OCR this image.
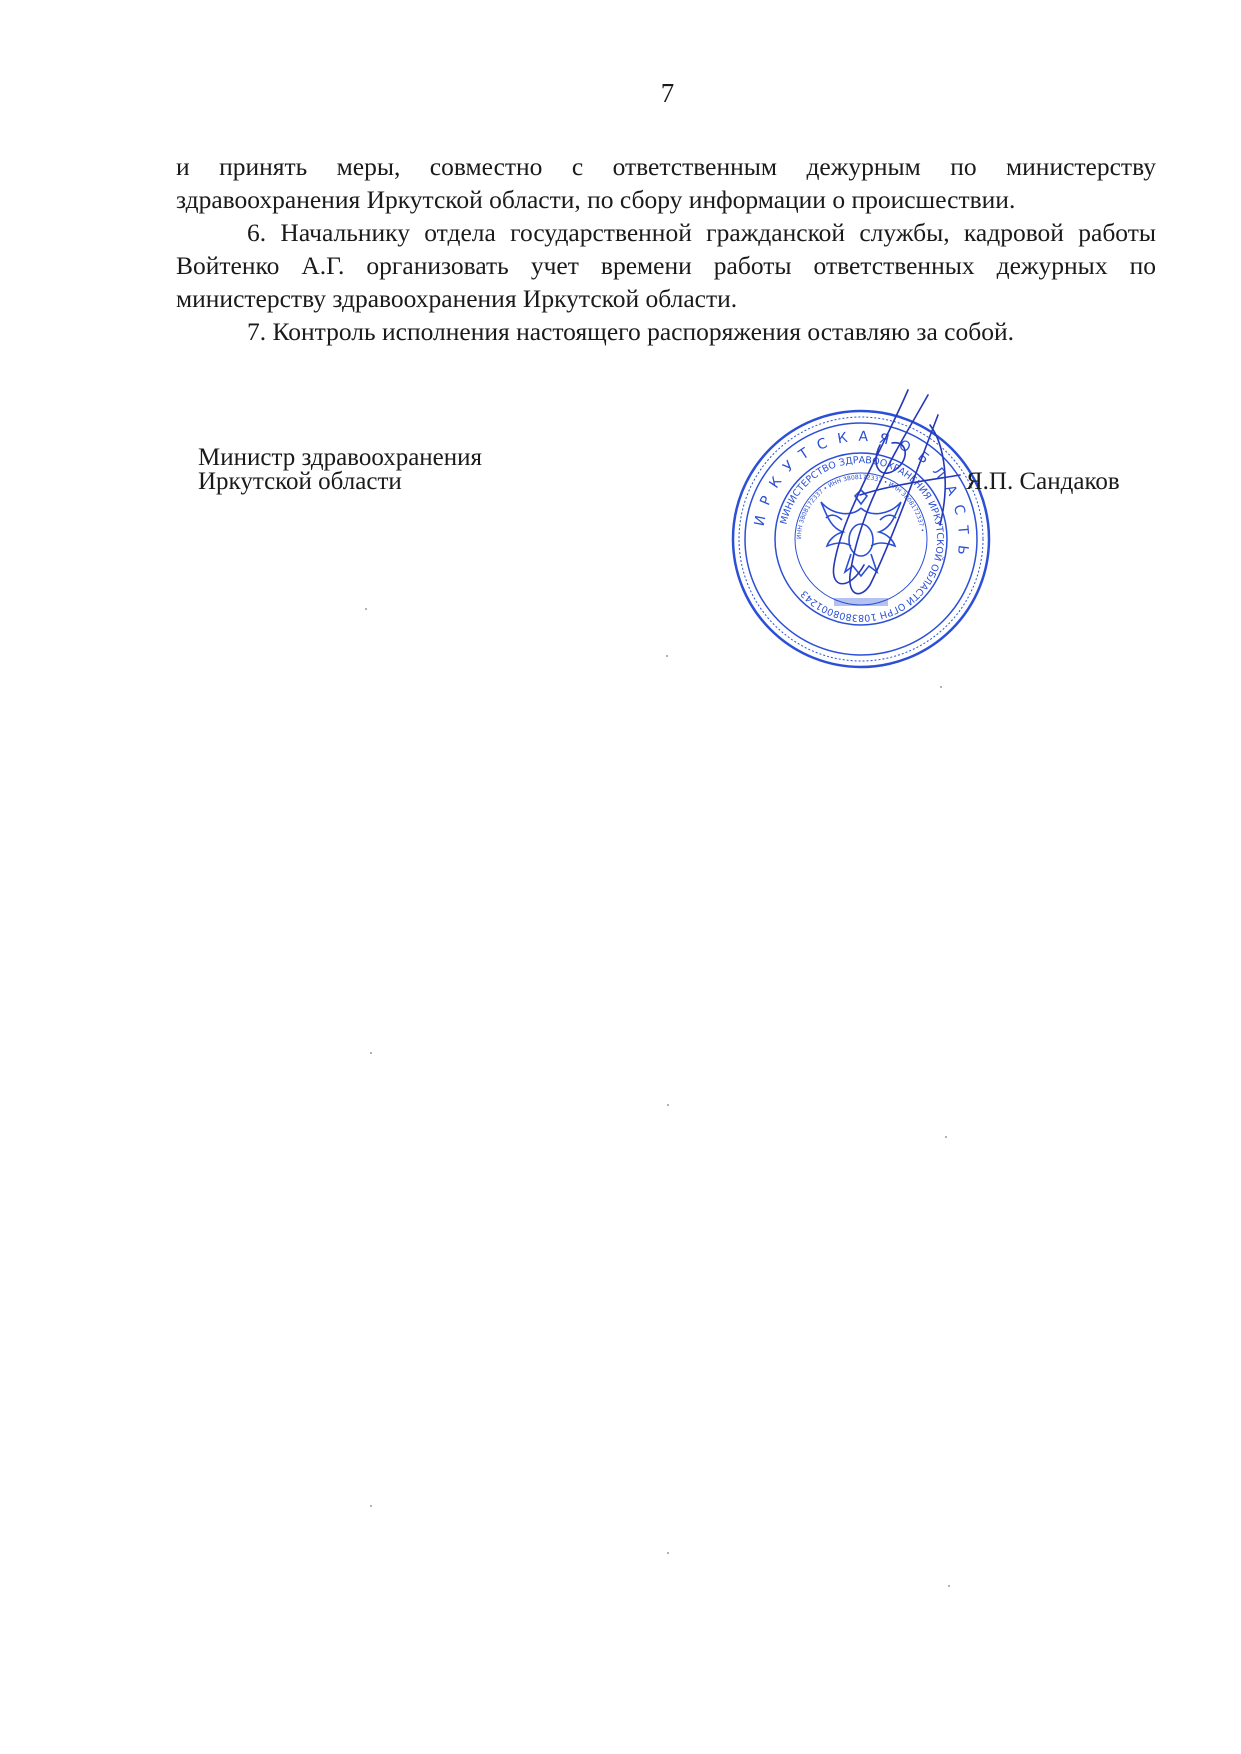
7

и принять меры, совместно с ответственным дежурным по министерству здравоохранения Иркутской области, по сбору информации о происшествии.

6. Начальнику отдела государственной гражданской службы, кадровой работы Войтенко А.Г. организовать учет времени работы ответственных дежурных по министерству здравоохранения Иркутской области.

7. Контроль исполнения настоящего распоряжения оставляю за собой.

Министр здравоохранения
Иркутской области
И Р К У Т С К А Я О Б Л А С Т Ь
МИНИСТЕРСТВО ЗДРАВООХРАНЕНИЯ ИРКУТСКОЙ ОБЛАСТИ ОГРН 1083808001243
ИНН 3808172337 • ИНН 3808172337 • ИНН 3808172337 •
Я.П. Сандаков
